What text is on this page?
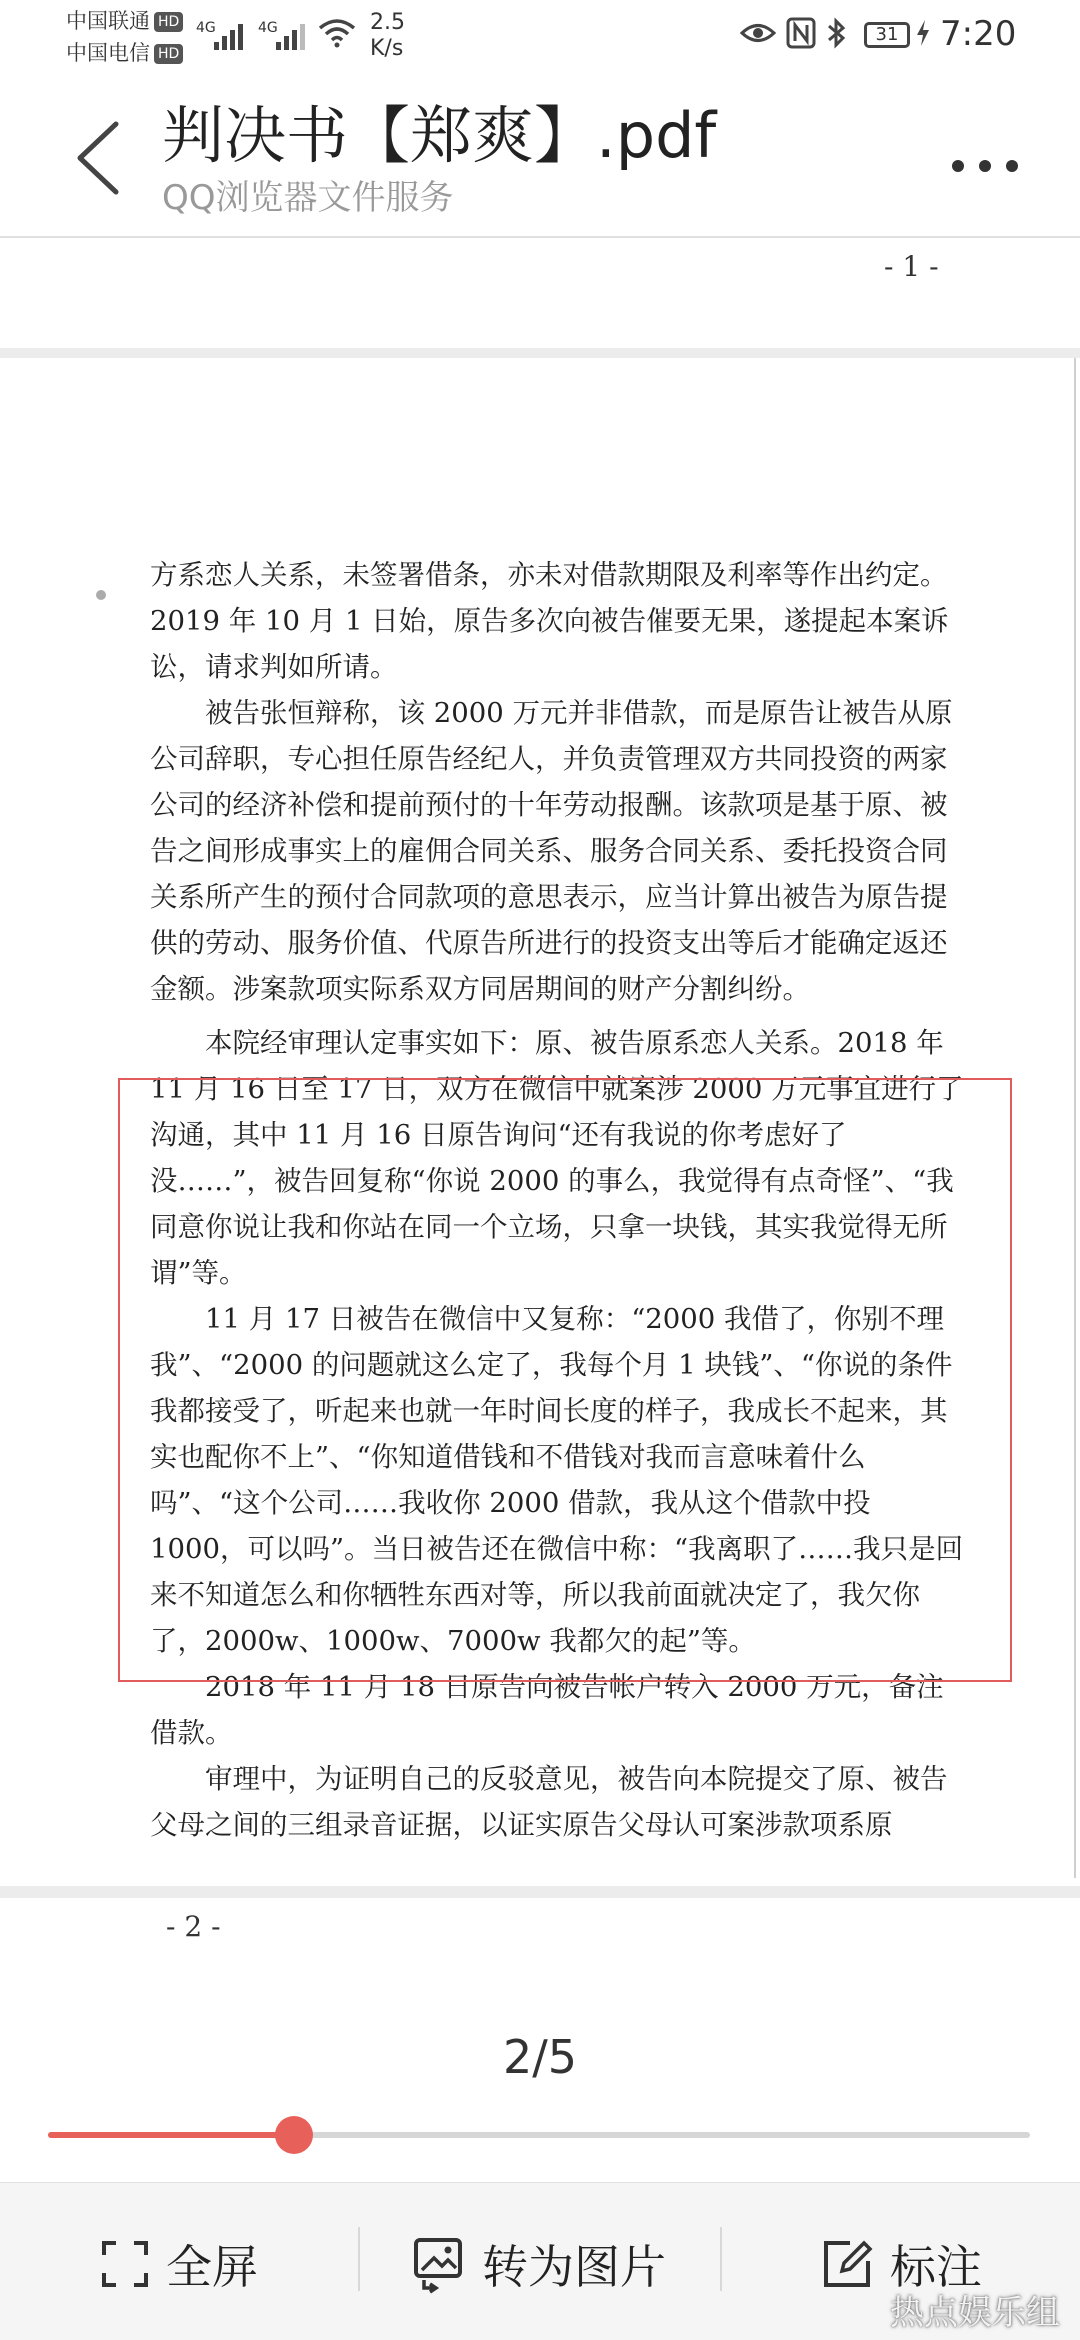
中国联通 HD
中国电信 HD
4G	4G	2.5
K/s
31	7:20
判决书【郑爽】.pdf
QQ浏览器文件服务
- 1 -

方系恋人关系，未签署借条，亦未对借款期限及利率等作出约定。2019 年 10 月 1 日始，原告多次向被告催要无果，遂提起本案诉讼，请求判如所请。

被告张恒辩称，该 2000 万元并非借款，而是原告让被告从原公司辞职，专心担任原告经纪人，并负责管理双方共同投资的两家公司的经济补偿和提前预付的十年劳动报酬。该款项是基于原、被告之间形成事实上的雇佣合同关系、服务合同关系、委托投资合同关系所产生的预付合同款项的意思表示，应当计算出被告为原告提供的劳动、服务价值、代原告所进行的投资支出等后才能确定返还金额。涉案款项实际系双方同居期间的财产分割纠纷。

本院经审理认定事实如下：原、被告原系恋人关系。2018 年 11 月 16 日至 17 日，双方在微信中就案涉 2000 万元事宜进行了沟通，其中 11 月 16 日原告询问“还有我说的你考虑好了没……”，被告回复称“你说 2000 的事么，我觉得有点奇怪”、“我同意你说让我和你站在同一个立场，只拿一块钱，其实我觉得无所谓”等。

11 月 17 日被告在微信中又复称：“2000 我借了，你别不理我”、“2000 的问题就这么定了，我每个月 1 块钱”、“你说的条件我都接受了，听起来也就一年时间长度的样子，我成长不起来，其实也配你不上”、“你知道借钱和不借钱对我而言意味着什么吗”、“这个公司……我收你 2000 借款，我从这个借款中投 1000，可以吗”。当日被告还在微信中称：“我离职了……我只是回来不知道怎么和你牺牲东西对等，所以我前面就决定了，我欠你了，2000w、1000w、7000w 我都欠的起”等。

2018 年 11 月 18 日原告向被告帐户转入 2000 万元，备注借款。

审理中，为证明自己的反驳意见，被告向本院提交了原、被告父母之间的三组录音证据，以证实原告父母认可案涉款项系原

- 2 -
2/5
全屏	转为图片	标注
热点娱乐组
